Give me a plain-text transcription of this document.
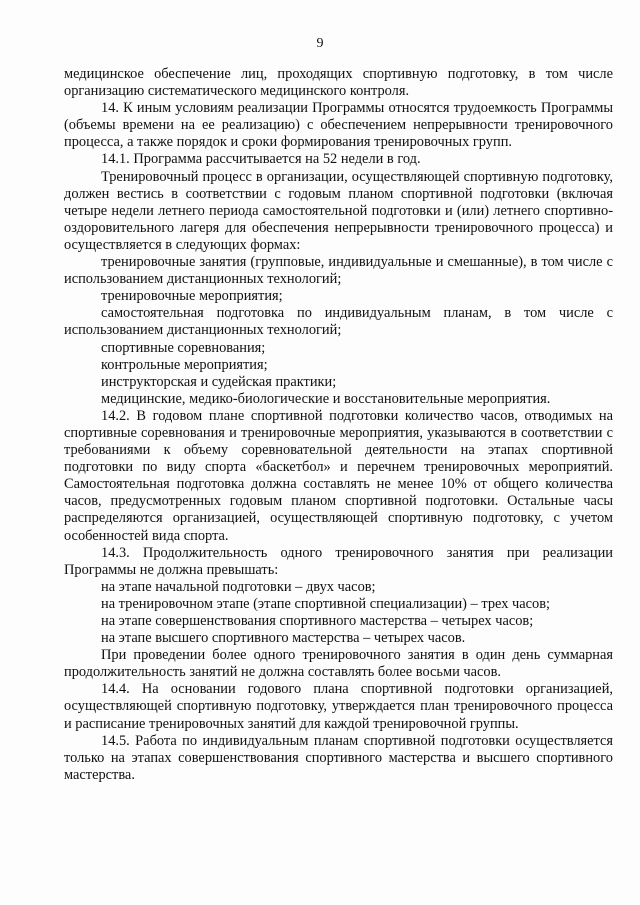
9

медицинское обеспечение лиц, проходящих спортивную подготовку, в том числе организацию систематического медицинского контроля.

14. К иным условиям реализации Программы относятся трудоемкость Программы (объемы времени на ее реализацию) с обеспечением непрерывности тренировочного процесса, а также порядок и сроки формирования тренировочных групп.

14.1. Программа рассчитывается на 52 недели в год.

Тренировочный процесс в организации, осуществляющей спортивную подготовку, должен вестись в соответствии с годовым планом спортивной подготовки (включая четыре недели летнего периода самостоятельной подготовки и (или) летнего спортивно-оздоровительного лагеря для обеспечения непрерывности тренировочного процесса) и осуществляется в следующих формах:

тренировочные занятия (групповые, индивидуальные и смешанные), в том числе с использованием дистанционных технологий;

тренировочные мероприятия;

самостоятельная подготовка по индивидуальным планам, в том числе с использованием дистанционных технологий;

спортивные соревнования;

контрольные мероприятия;

инструкторская и судейская практики;

медицинские, медико-биологические и восстановительные мероприятия.

14.2. В годовом плане спортивной подготовки количество часов, отводимых на спортивные соревнования и тренировочные мероприятия, указываются в соответствии с требованиями к объему соревновательной деятельности на этапах спортивной подготовки по виду спорта «баскетбол» и перечнем тренировочных мероприятий. Самостоятельная подготовка должна составлять не менее 10% от общего количества часов, предусмотренных годовым планом спортивной подготовки. Остальные часы распределяются организацией, осуществляющей спортивную подготовку, с учетом особенностей вида спорта.

14.3. Продолжительность одного тренировочного занятия при реализации Программы не должна превышать:

на этапе начальной подготовки – двух часов;

на тренировочном этапе (этапе спортивной специализации) – трех часов;

на этапе совершенствования спортивного мастерства – четырех часов;

на этапе высшего спортивного мастерства – четырех часов.

При проведении более одного тренировочного занятия в один день суммарная продолжительность занятий не должна составлять более восьми часов.

14.4. На основании годового плана спортивной подготовки организацией, осуществляющей спортивную подготовку, утверждается план тренировочного процесса и расписание тренировочных занятий для каждой тренировочной группы.

14.5. Работа по индивидуальным планам спортивной подготовки осуществляется только на этапах совершенствования спортивного мастерства и высшего спортивного мастерства.
